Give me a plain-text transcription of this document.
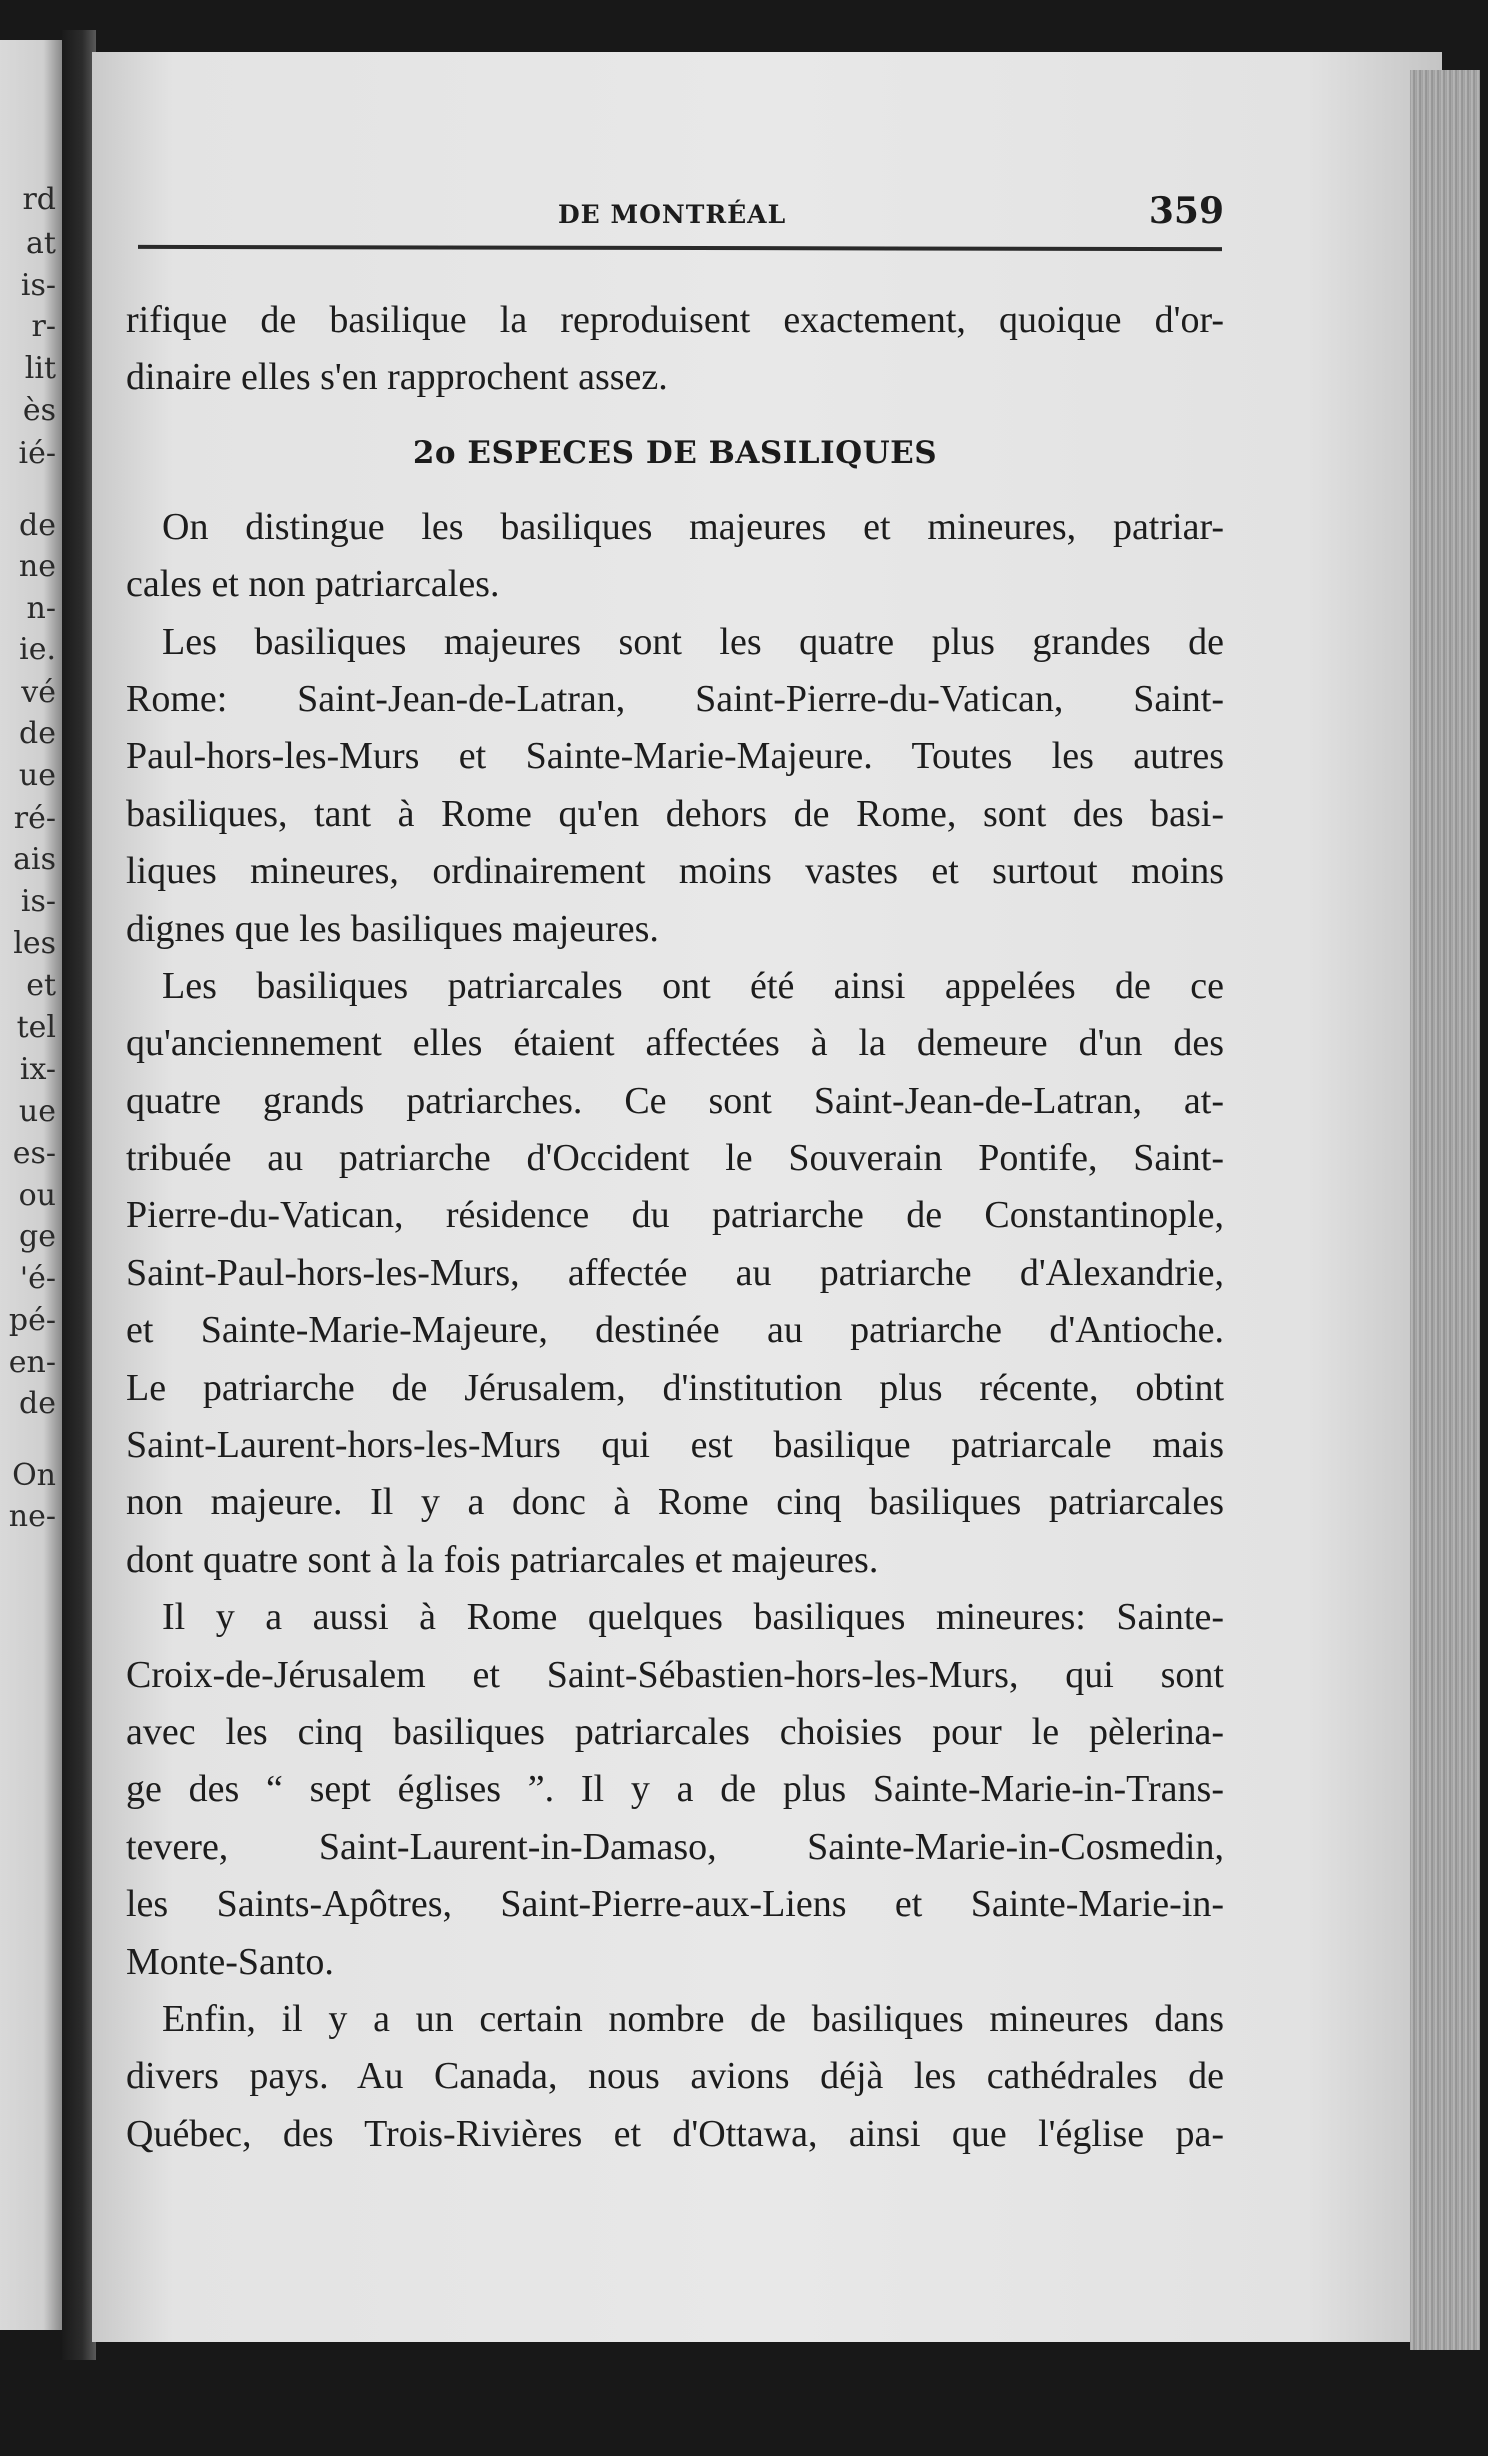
rd
at
is-
r-
lit
ès
ié-
de
ne
n-
ie.
vé
de
ue
ré-
ais
is-
les
et
tel
ix-
ue
es-
ou
ge
'é-
pé-
en-
de
On
ne-
DE MONTRÉAL	359
rifique de basilique la reproduisent exactement, quoique d'or-
dinaire elles s'en rapprochent assez.
2o ESPECES DE BASILIQUES
On distingue les basiliques majeures et mineures, patriar-
cales et non patriarcales.
Les basiliques majeures sont les quatre plus grandes de
Rome: Saint-Jean-de-Latran, Saint-Pierre-du-Vatican, Saint-
Paul-hors-les-Murs et Sainte-Marie-Majeure. Toutes les autres
basiliques, tant à Rome qu'en dehors de Rome, sont des basi-
liques mineures, ordinairement moins vastes et surtout moins
dignes que les basiliques majeures.
Les basiliques patriarcales ont été ainsi appelées de ce
qu'anciennement elles étaient affectées à la demeure d'un des
quatre grands patriarches. Ce sont Saint-Jean-de-Latran, at-
tribuée au patriarche d'Occident le Souverain Pontife, Saint-
Pierre-du-Vatican, résidence du patriarche de Constantinople,
Saint-Paul-hors-les-Murs, affectée au patriarche d'Alexandrie,
et Sainte-Marie-Majeure, destinée au patriarche d'Antioche.
Le patriarche de Jérusalem, d'institution plus récente, obtint
Saint-Laurent-hors-les-Murs qui est basilique patriarcale mais
non majeure. Il y a donc à Rome cinq basiliques patriarcales
dont quatre sont à la fois patriarcales et majeures.
Il y a aussi à Rome quelques basiliques mineures: Sainte-
Croix-de-Jérusalem et Saint-Sébastien-hors-les-Murs, qui sont
avec les cinq basiliques patriarcales choisies pour le pèlerina-
ge des “ sept églises ”. Il y a de plus Sainte-Marie-in-Trans-
tevere, Saint-Laurent-in-Damaso, Sainte-Marie-in-Cosmedin,
les Saints-Apôtres, Saint-Pierre-aux-Liens et Sainte-Marie-in-
Monte-Santo.
Enfin, il y a un certain nombre de basiliques mineures dans
divers pays. Au Canada, nous avions déjà les cathédrales de
Québec, des Trois-Rivières et d'Ottawa, ainsi que l'église pa-
